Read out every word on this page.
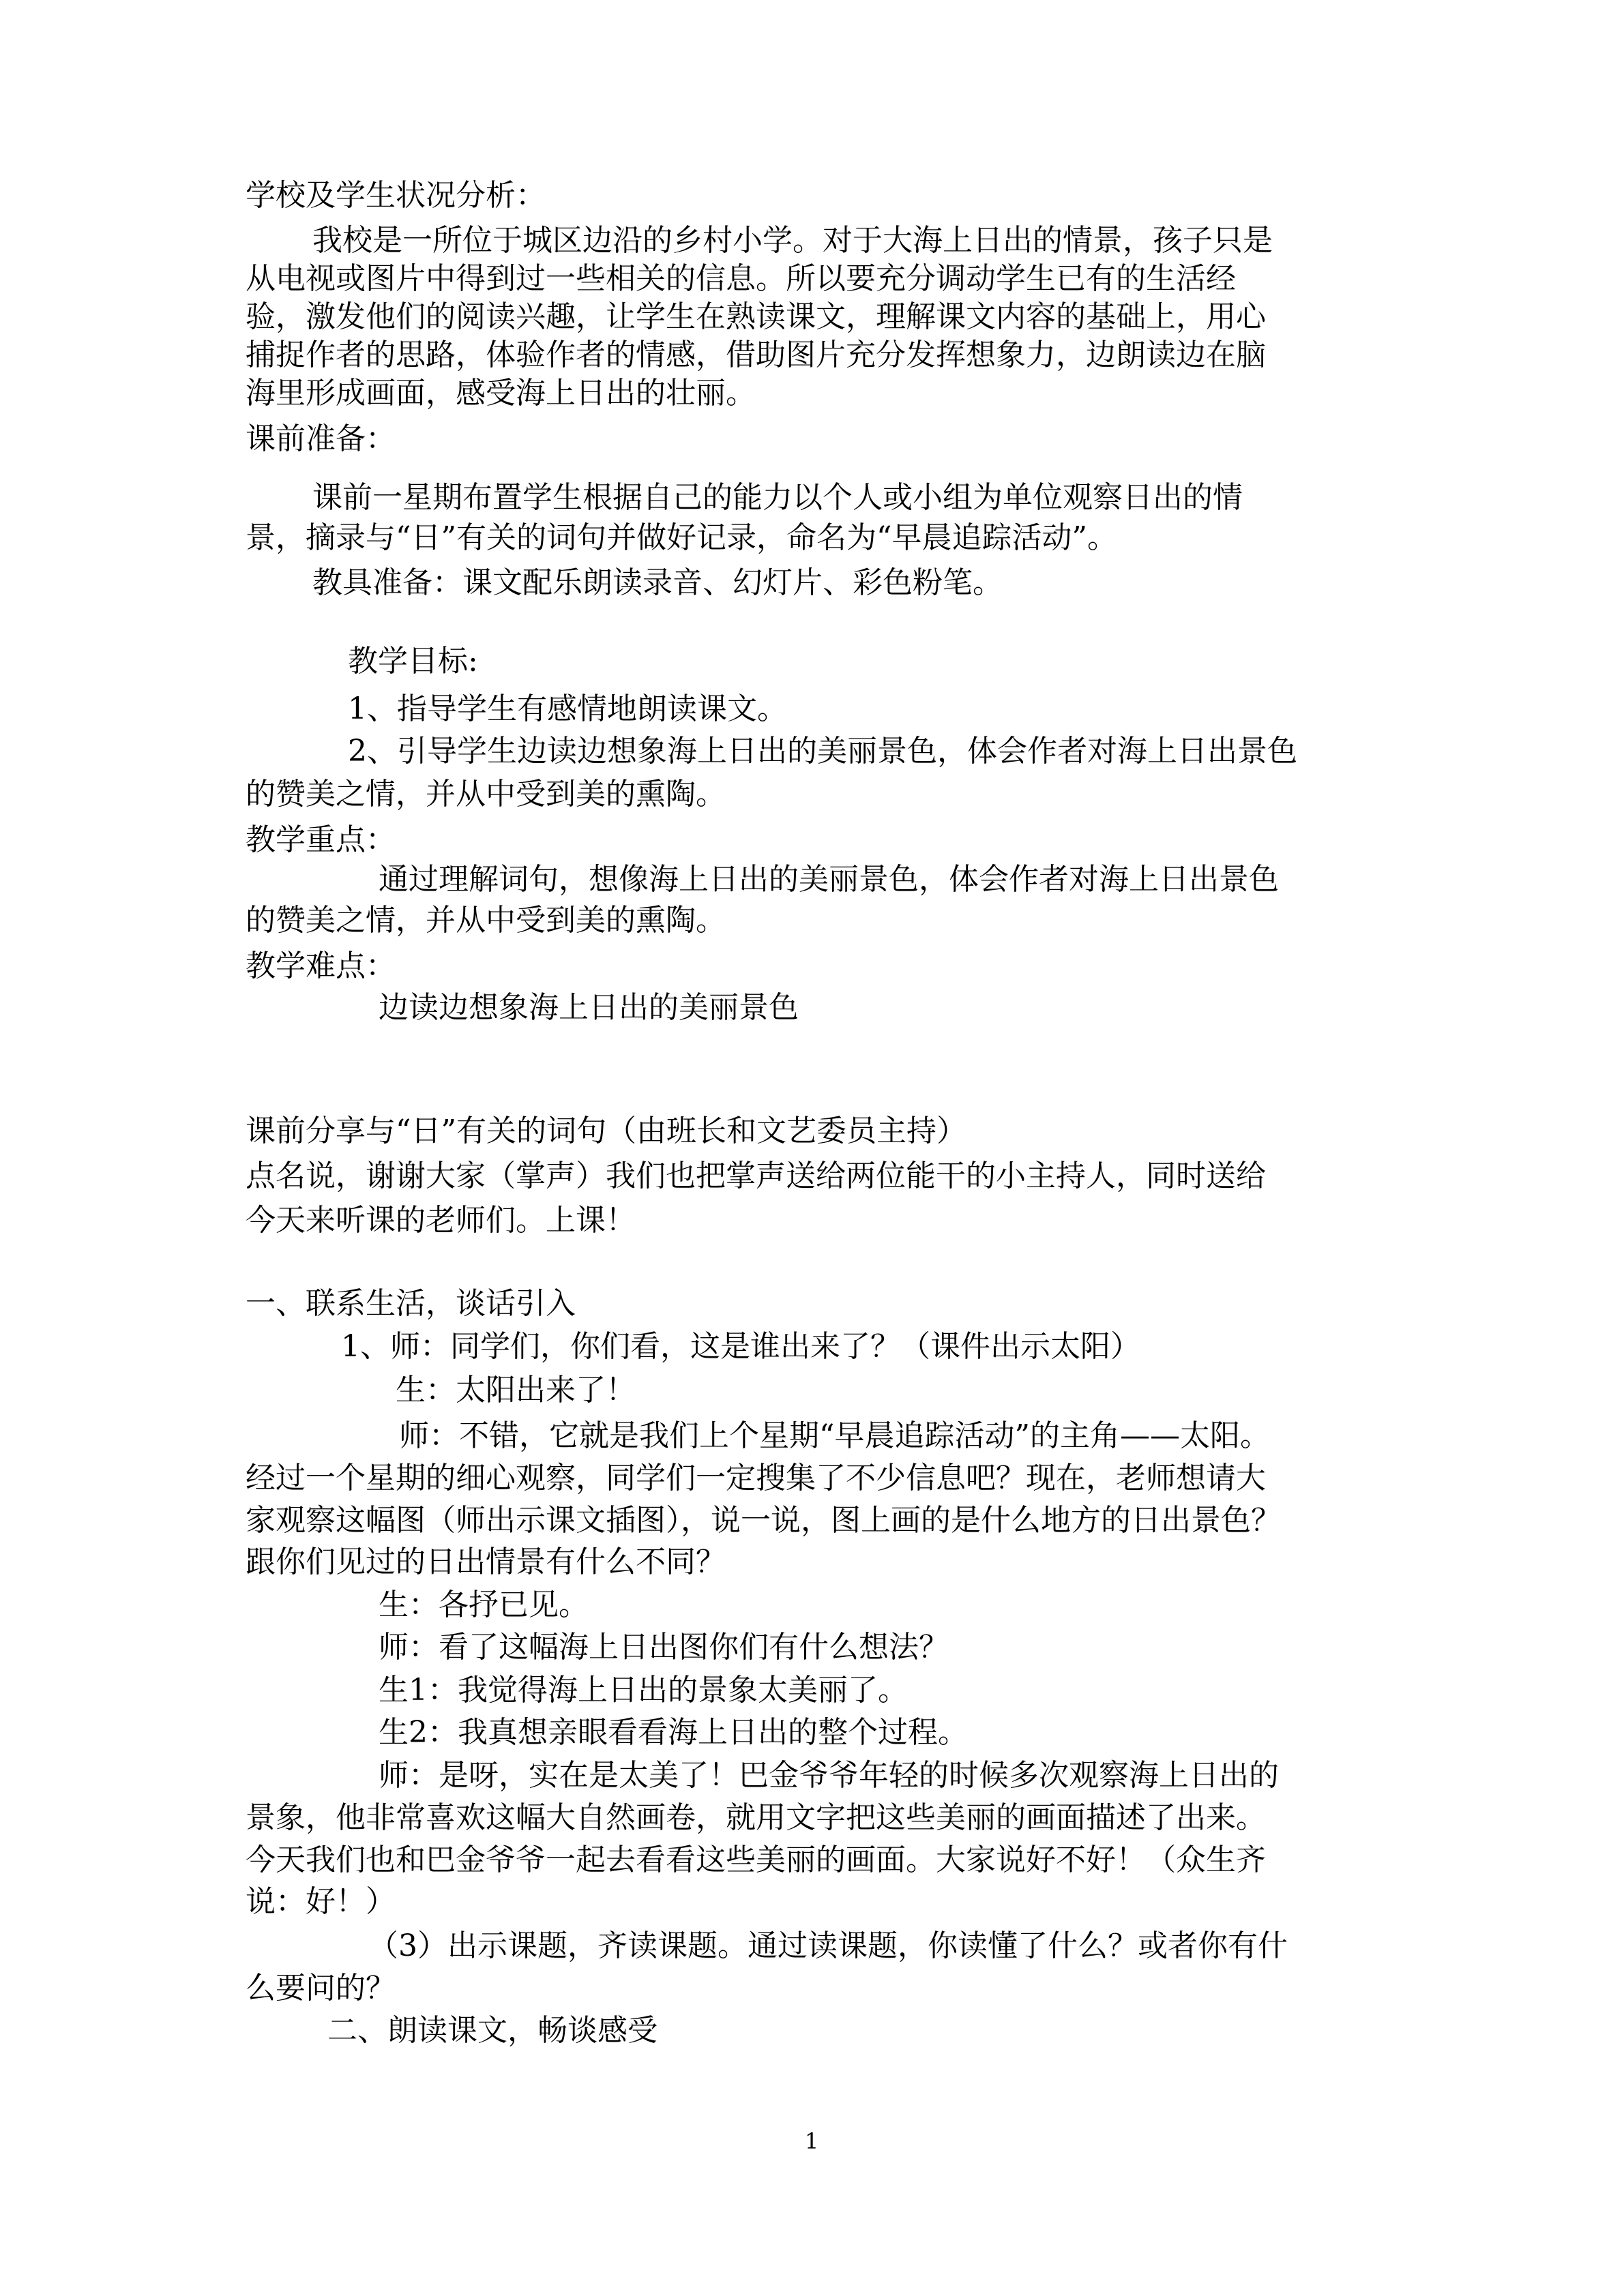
学校及学生状况分析：
我校是一所位于城区边沿的乡村小学。对于大海上日出的情景，孩子只是
从电视或图片中得到过一些相关的信息。所以要充分调动学生已有的生活经
验，激发他们的阅读兴趣，让学生在熟读课文，理解课文内容的基础上，用心
捕捉作者的思路，体验作者的情感，借助图片充分发挥想象力，边朗读边在脑
海里形成画面，感受海上日出的壮丽。
课前准备：
课前一星期布置学生根据自己的能力以个人或小组为单位观察日出的情
景，摘录与“日”有关的词句并做好记录，命名为“早晨追踪活动”。
教具准备：课文配乐朗读录音、幻灯片、彩色粉笔。
教学目标:
1、指导学生有感情地朗读课文。
2、引导学生边读边想象海上日出的美丽景色，体会作者对海上日出景色
的赞美之情，并从中受到美的熏陶。
教学重点：
通过理解词句，想像海上日出的美丽景色，体会作者对海上日出景色
的赞美之情，并从中受到美的熏陶。
教学难点：
边读边想象海上日出的美丽景色
课前分享与“日”有关的词句（由班长和文艺委员主持）
点名说，谢谢大家（掌声）我们也把掌声送给两位能干的小主持人，同时送给
今天来听课的老师们。上课！
一、联系生活，谈话引入
1、师：同学们，你们看，这是谁出来了？（课件出示太阳）
生：太阳出来了！
师：不错，它就是我们上个星期“早晨追踪活动”的主角——太阳。
经过一个星期的细心观察，同学们一定搜集了不少信息吧？现在，老师想请大
家观察这幅图（师出示课文插图），说一说，图上画的是什么地方的日出景色？
跟你们见过的日出情景有什么不同？
生：各抒已见。
师：看了这幅海上日出图你们有什么想法？
生1：我觉得海上日出的景象太美丽了。
生2：我真想亲眼看看海上日出的整个过程。
师：是呀，实在是太美了！巴金爷爷年轻的时候多次观察海上日出的
景象，他非常喜欢这幅大自然画卷，就用文字把这些美丽的画面描述了出来。
今天我们也和巴金爷爷一起去看看这些美丽的画面。大家说好不好！（众生齐
说：好！）
（3）出示课题，齐读课题。通过读课题，你读懂了什么？或者你有什
么要问的？
二、朗读课文，畅谈感受
1
